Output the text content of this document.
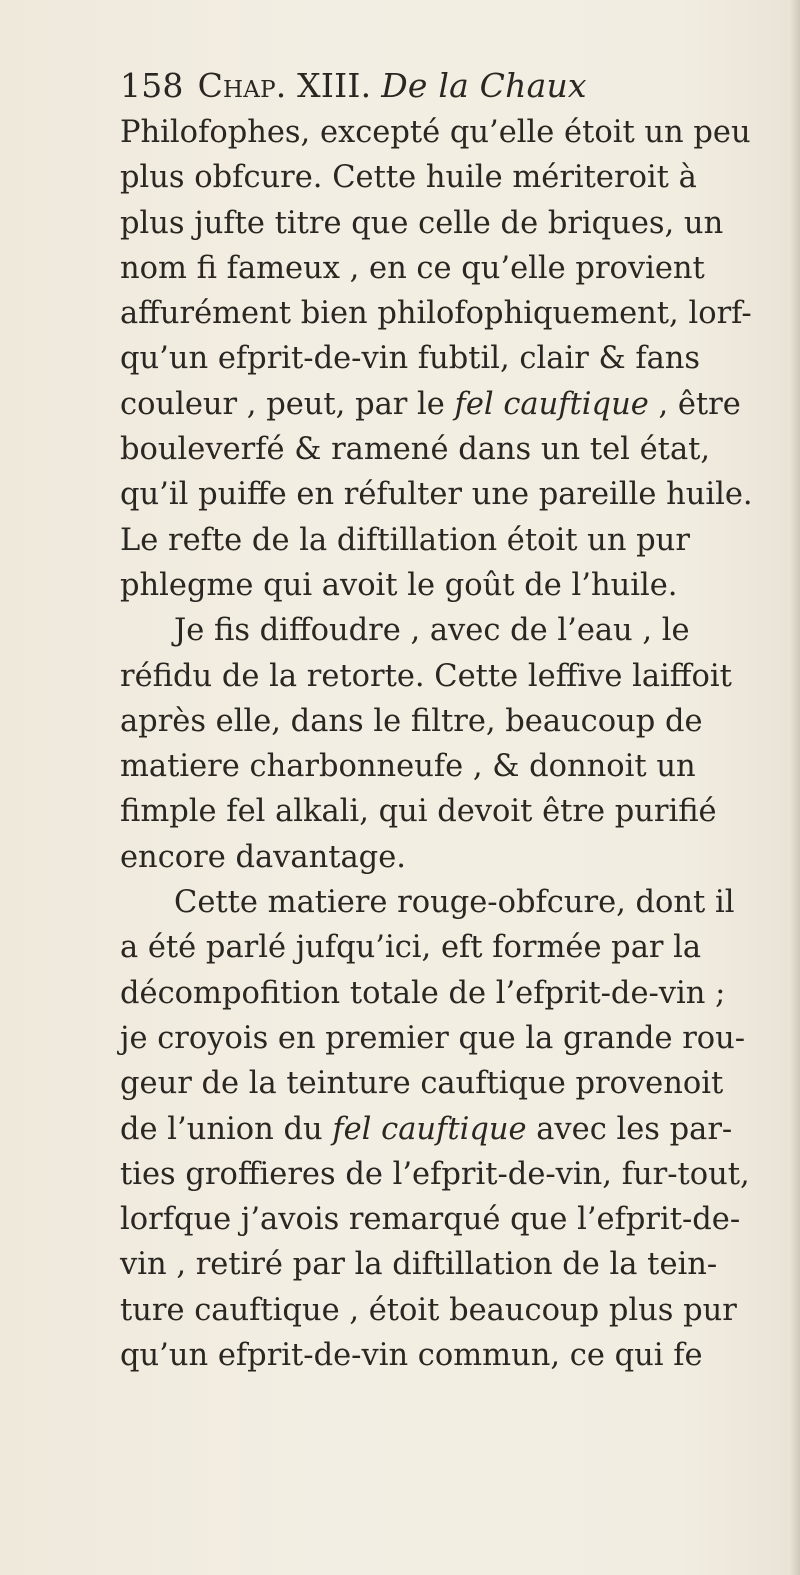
158 Chap. XIII. De la Chaux
Philofophes, excepté qu’elle étoit un peu
plus obfcure. Cette huile mériteroit à
plus jufte titre que celle de briques, un
nom fi fameux , en ce qu’elle provient
affurément bien philofophiquement, lorf-
qu’un efprit-de-vin fubtil, clair & fans
couleur , peut, par le fel cauftique , être
bouleverfé & ramené dans un tel état,
qu’il puiffe en réfulter une pareille huile.
Le refte de la diftillation étoit un pur
phlegme qui avoit le goût de l’huile.
Je fis diffoudre , avec de l’eau , le
réfidu de la retorte. Cette leffive laiffoit
après elle, dans le filtre, beaucoup de
matiere charbonneufe , & donnoit un
fimple fel alkali, qui devoit être purifié
encore davantage.
Cette matiere rouge-obfcure, dont il
a été parlé jufqu’ici, eft formée par la
décompofition totale de l’efprit-de-vin ;
je croyois en premier que la grande rou-
geur de la teinture cauftique provenoit
de l’union du fel cauftique avec les par-
ties groffieres de l’efprit-de-vin, fur-tout,
lorfque j’avois remarqué que l’efprit-de-
vin , retiré par la diftillation de la tein-
ture cauftique , étoit beaucoup plus pur
qu’un efprit-de-vin commun, ce qui fe
